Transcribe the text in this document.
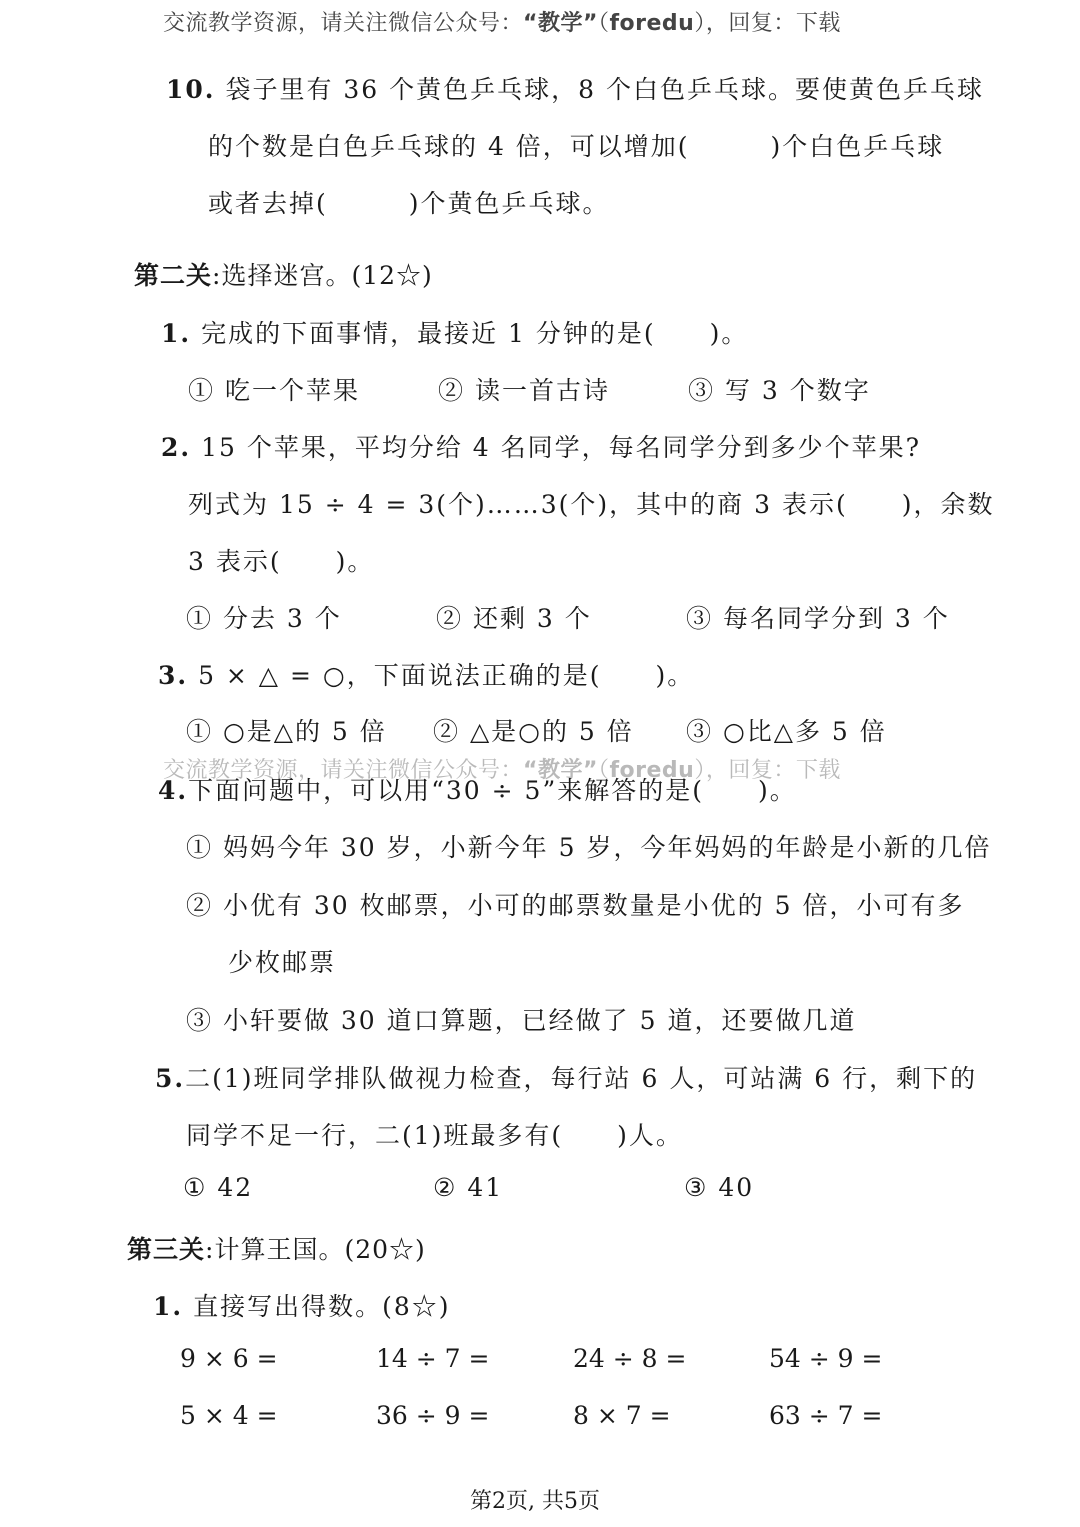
交流教学资源，请关注微信公众号：“教学”（foredu），回复：下载
10. 袋子里有 36 个黄色乒乓球，8 个白色乒乓球。要使黄色乒乓球
的个数是白色乒乓球的 4 倍，可以增加(　　　)个白色乒乓球
或者去掉(　　　)个黄色乒乓球。
第二关:选择迷宫。(12☆)
1. 完成的下面事情，最接近 1 分钟的是(　　)。
① 吃一个苹果	② 读一首古诗	③ 写 3 个数字
2. 15 个苹果，平均分给 4 名同学，每名同学分到多少个苹果?
列式为 15 ÷ 4 = 3(个)……3(个)，其中的商 3 表示(　　)，余数
3 表示(　　)。
① 分去 3 个	② 还剩 3 个	③ 每名同学分到 3 个
3. 5 × △ = ○，下面说法正确的是(　　)。
① ○是△的 5 倍 ② △是○的 5 倍 ③ ○比△多 5 倍
交流教学资源，请关注微信公众号：“教学”（foredu），回复：下载
4.下面问题中，可以用“30 ÷ 5”来解答的是(　　)。
① 妈妈今年 30 岁，小新今年 5 岁，今年妈妈的年龄是小新的几倍
② 小优有 30 枚邮票，小可的邮票数量是小优的 5 倍，小可有多
少枚邮票
③ 小轩要做 30 道口算题，已经做了 5 道，还要做几道
5.二(1)班同学排队做视力检查，每行站 6 人，可站满 6 行，剩下的
同学不足一行，二(1)班最多有(　　)人。
① 42	② 41	③ 40
第三关:计算王国。(20☆)
1. 直接写出得数。(8☆)
9 × 6 =	14 ÷ 7 =	24 ÷ 8 =	54 ÷ 9 =
5 × 4 =	36 ÷ 9 =	8 × 7 =	63 ÷ 7 =
第2页, 共5页
